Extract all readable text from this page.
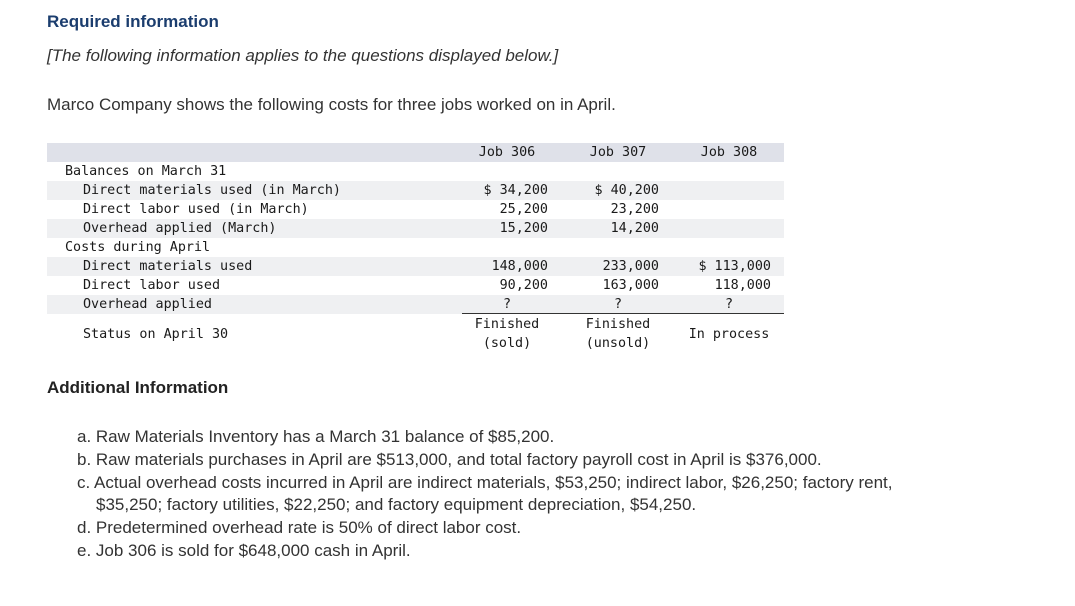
Required information
[The following information applies to the questions displayed below.]
Marco Company shows the following costs for three jobs worked on in April.
Job 306	Job 307	Job 308
Balances on March 31
Direct materials used (in March)
Direct labor used (in March)
Overhead applied (March)
Costs during April
Direct materials used
Direct labor used
Overhead applied
Status on April 30
$ 34,200
25,200
15,200
148,000
90,200
?
Finished
(sold)
$ 40,200
23,200
14,200
233,000
163,000
?
Finished
(unsold)
$ 113,000
118,000
?
In process
Additional Information
a. Raw Materials Inventory has a March 31 balance of $85,200.
b. Raw materials purchases in April are $513,000, and total factory payroll cost in April is $376,000.
c. Actual overhead costs incurred in April are indirect materials, $53,250; indirect labor, $26,250; factory rent,
$35,250; factory utilities, $22,250; and factory equipment depreciation, $54,250.
d. Predetermined overhead rate is 50% of direct labor cost.
e. Job 306 is sold for $648,000 cash in April.
